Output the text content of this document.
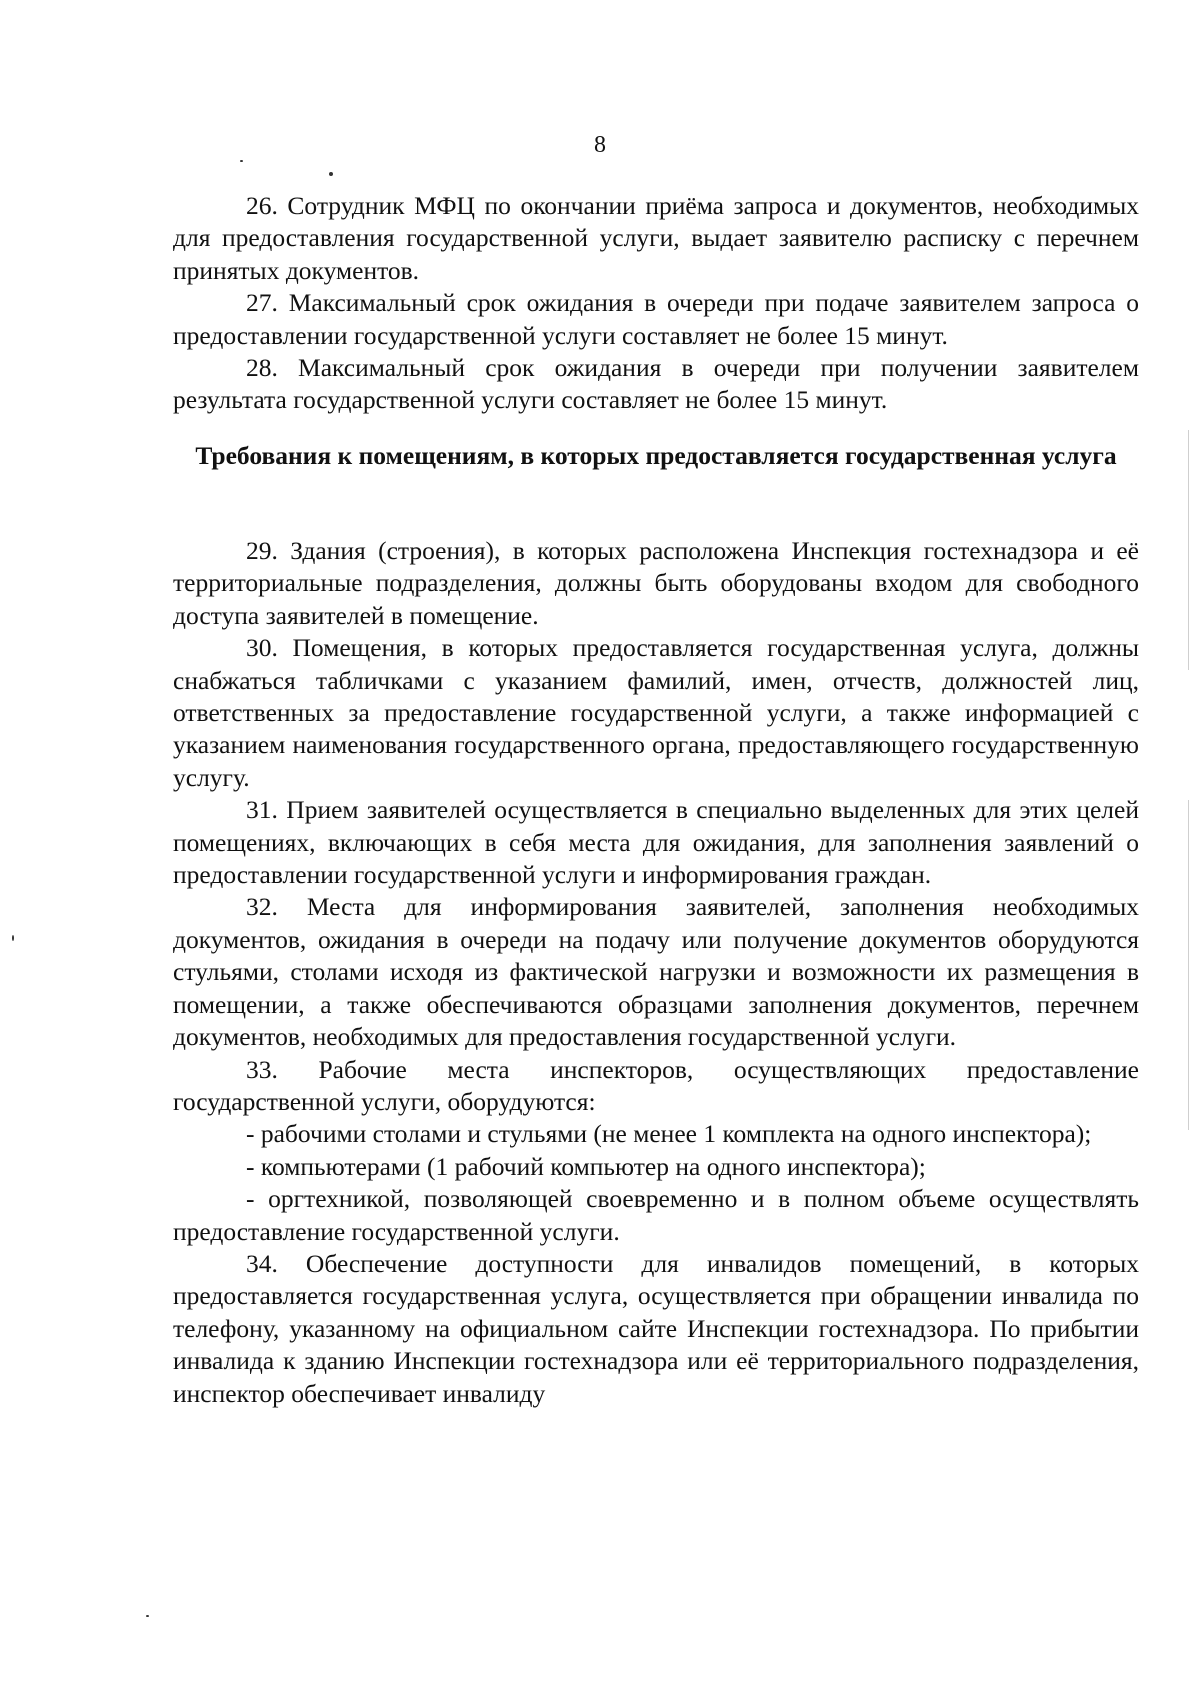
8

26. Сотрудник МФЦ по окончании приёма запроса и документов, необходимых для предоставления государственной услуги, выдает заявителю расписку с перечнем принятых документов.

27. Максимальный срок ожидания в очереди при подаче заявителем запроса о предоставлении государственной услуги составляет не более 15 минут.

28. Максимальный срок ожидания в очереди при получении заявителем результата государственной услуги составляет не более 15 минут.

Требования к помещениям, в которых предоставляется государственная услуга

29. Здания (строения), в которых расположена Инспекция гостехнадзора и её территориальные подразделения, должны быть оборудованы входом для свободного доступа заявителей в помещение.

30. Помещения, в которых предоставляется государственная услуга, должны снабжаться табличками с указанием фамилий, имен, отчеств, должностей лиц, ответственных за предоставление государственной услуги, а также информацией с указанием наименования государственного органа, предоставляющего государственную услугу.

31. Прием заявителей осуществляется в специально выделенных для этих целей помещениях, включающих в себя места для ожидания, для заполнения заявлений о предоставлении государственной услуги и информирования граждан.

32. Места для информирования заявителей, заполнения необходимых документов, ожидания в очереди на подачу или получение документов оборудуются стульями, столами исходя из фактической нагрузки и возможности их размещения в помещении, а также обеспечиваются образцами заполнения документов, перечнем документов, необходимых для предоставления государственной услуги.

33. Рабочие места инспекторов, осуществляющих предоставление государственной услуги, оборудуются:

- рабочими столами и стульями (не менее 1 комплекта на одного инспектора);

- компьютерами (1 рабочий компьютер на одного инспектора);

- оргтехникой, позволяющей своевременно и в полном объеме осуществлять предоставление государственной услуги.

34. Обеспечение доступности для инвалидов помещений, в которых предоставляется государственная услуга, осуществляется при обращении инвалида по телефону, указанному на официальном сайте Инспекции гостехнадзора. По прибытии инвалида к зданию Инспекции гостехнадзора или её территориального подразделения, инспектор обеспечивает инвалиду
